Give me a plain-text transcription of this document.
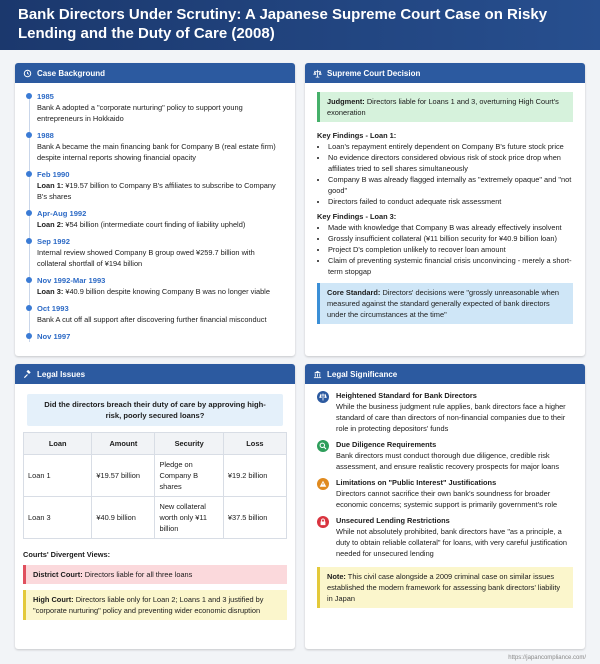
Bank Directors Under Scrutiny: A Japanese Supreme Court Case on Risky Lending and the Duty of Care (2008)
Case Background
1985
Bank A adopted a "corporate nurturing" policy to support young entrepreneurs in Hokkaido
1988
Bank A became the main financing bank for Company B (real estate firm) despite internal reports showing financial opacity
Feb 1990
Loan 1: ¥19.57 billion to Company B's affiliates to subscribe to Company B's shares
Apr-Aug 1992
Loan 2: ¥54 billion (intermediate court finding of liability upheld)
Sep 1992
Internal review showed Company B group owed ¥259.7 billion with collateral shortfall of ¥194 billion
Nov 1992-Mar 1993
Loan 3: ¥40.9 billion despite knowing Company B was no longer viable
Oct 1993
Bank A cut off all support after discovering further financial misconduct
Nov 1997
Supreme Court Decision
Judgment: Directors liable for Loans 1 and 3, overturning High Court's exoneration
Key Findings - Loan 1:
• Loan's repayment entirely dependent on Company B's future stock price
• No evidence directors considered obvious risk of stock price drop when affiliates tried to sell shares simultaneously
• Company B was already flagged internally as "extremely opaque" and "not good"
• Directors failed to conduct adequate risk assessment
Key Findings - Loan 3:
• Made with knowledge that Company B was already effectively insolvent
• Grossly insufficient collateral (¥11 billion security for ¥40.9 billion loan)
• Project D's completion unlikely to recover loan amount
• Claim of preventing systemic financial crisis unconvincing - merely a short-term stopgap
Core Standard: Directors' decisions were "grossly unreasonable when measured against the standard generally expected of bank directors under the circumstances at the time"
Legal Issues
Did the directors breach their duty of care by approving high-risk, poorly secured loans?
Loan	Amount	Security	Loss
Loan 1	¥19.57 billion	Pledge on Company B shares	¥19.2 billion
Loan 3	¥40.9 billion	New collateral worth only ¥11 billion	¥37.5 billion
Courts' Divergent Views:
District Court: Directors liable for all three loans
High Court: Directors liable only for Loan 2; Loans 1 and 3 justified by "corporate nurturing" policy and preventing wider economic disruption
Legal Significance
Heightened Standard for Bank Directors
While the business judgment rule applies, bank directors face a higher standard of care than directors of non-financial companies due to their role in protecting depositors' funds
Due Diligence Requirements
Bank directors must conduct thorough due diligence, credible risk assessment, and ensure realistic recovery prospects for major loans
Limitations on "Public Interest" Justifications
Directors cannot sacrifice their own bank's soundness for broader economic concerns; systemic support is primarily government's role
Unsecured Lending Restrictions
While not absolutely prohibited, bank directors have "as a principle, a duty to obtain reliable collateral" for loans, with very careful justification needed for unsecured lending
Note: This civil case alongside a 2009 criminal case on similar issues established the modern framework for assessing bank directors' liability in Japan
https://japancompliance.com/
